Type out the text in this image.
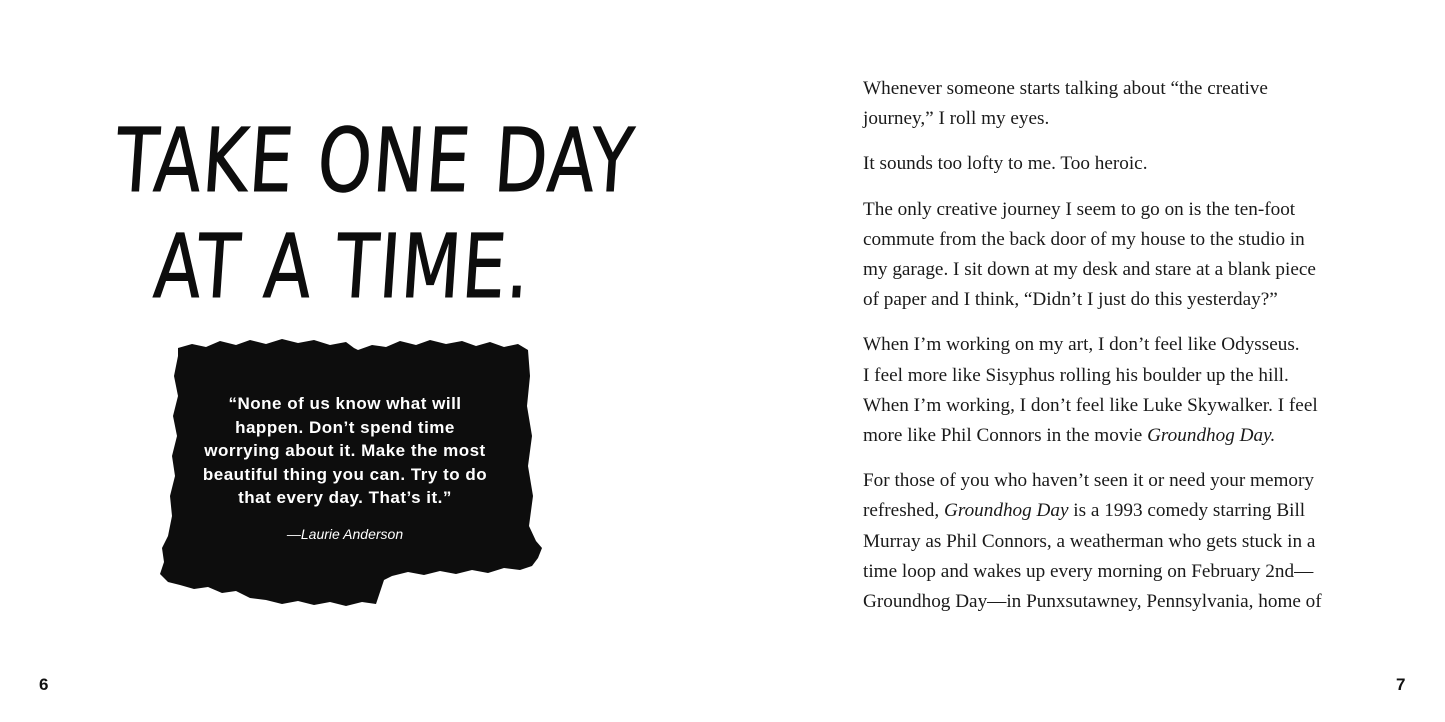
TAKE ONE DAY
AT A TIME.

“None of us know what will
happen. Don’t spend time
worrying about it. Make the most
beautiful thing you can. Try to do
that every day. That’s it.”

—Laurie Anderson

6

Whenever someone starts talking about “the creative
journey,” I roll my eyes.

It sounds too lofty to me. Too heroic.

The only creative journey I seem to go on is the ten-foot
commute from the back door of my house to the studio in
my garage. I sit down at my desk and stare at a blank piece
of paper and I think, “Didn’t I just do this yesterday?”

When I’m working on my art, I don’t feel like Odysseus.
I feel more like Sisyphus rolling his boulder up the hill.
When I’m working, I don’t feel like Luke Skywalker. I feel
more like Phil Connors in the movie Groundhog Day.

For those of you who haven’t seen it or need your memory
refreshed, Groundhog Day is a 1993 comedy starring Bill
Murray as Phil Connors, a weatherman who gets stuck in a
time loop and wakes up every morning on February 2nd—
Groundhog Day—in Punxsutawney, Pennsylvania, home of

7
